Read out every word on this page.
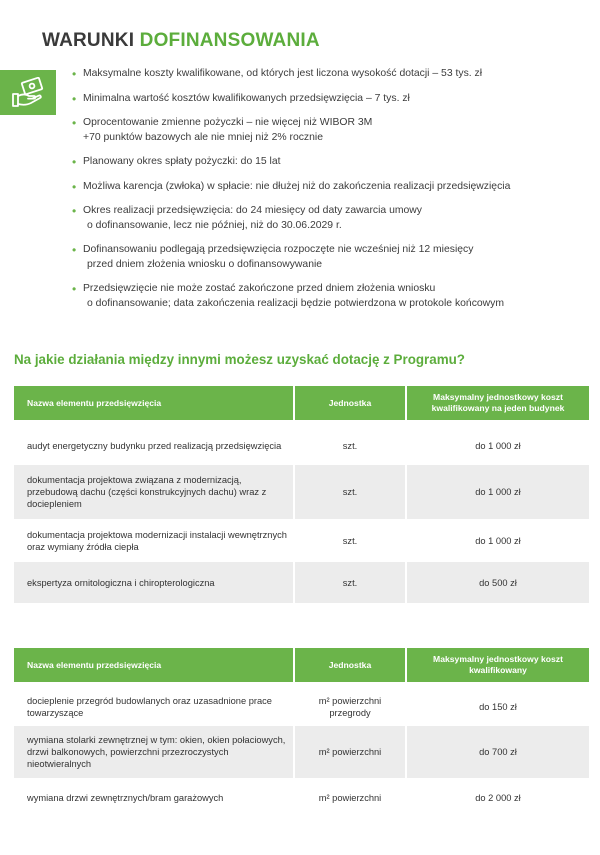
WARUNKI DOFINANSOWANIA
• Maksymalne koszty kwalifikowane, od których jest liczona wysokość dotacji – 53 tys. zł
• Minimalna wartość kosztów kwalifikowanych przedsięwzięcia – 7 tys. zł
• Oprocentowanie zmienne pożyczki – nie więcej niż WIBOR 3M
+70 punktów bazowych ale nie mniej niż 2% rocznie
• Planowany okres spłaty pożyczki: do 15 lat
• Możliwa karencja (zwłoka) w spłacie: nie dłużej niż do zakończenia realizacji przedsięwzięcia
• Okres realizacji przedsięwzięcia: do 24 miesięcy od daty zawarcia umowy
o dofinansowanie, lecz nie później, niż do 30.06.2029 r.
• Dofinansowaniu podlegają przedsięwzięcia rozpoczęte nie wcześniej niż 12 miesięcy
przed dniem złożenia wniosku o dofinansowywanie
• Przedsięwzięcie nie może zostać zakończone przed dniem złożenia wniosku
o dofinansowanie; data zakończenia realizacji będzie potwierdzona w protokole końcowym
Na jakie działania między innymi możesz uzyskać dotację z Programu?
Nazwa elementu przedsięwzięcia	Jednostka	Maksymalny jednostkowy koszt kwalifikowany na jeden budynek

audyt energetyczny budynku przed realizacją przedsięwzięcia	szt.	do 1 000 zł
dokumentacja projektowa związana z modernizacją, przebudową dachu (części konstrukcyjnych dachu) wraz z dociepleniem	szt.	do 1 000 zł
dokumentacja projektowa modernizacji instalacji wewnętrznych oraz wymiany źródła ciepła	szt.	do 1 000 zł
ekspertyza ornitologiczna i chiropterologiczna	szt.	do 500 zł
Nazwa elementu przedsięwzięcia	Jednostka	Maksymalny jednostkowy koszt kwalifikowany

docieplenie przegród budowlanych oraz uzasadnione prace towarzyszące	m² powierzchni przegrody	do 150 zł
wymiana stolarki zewnętrznej w tym: okien, okien połaciowych, drzwi balkonowych, powierzchni przezroczystych nieotwieralnych	m² powierzchni	do 700 zł
wymiana drzwi zewnętrznych/bram garażowych	m² powierzchni	do 2 000 zł
